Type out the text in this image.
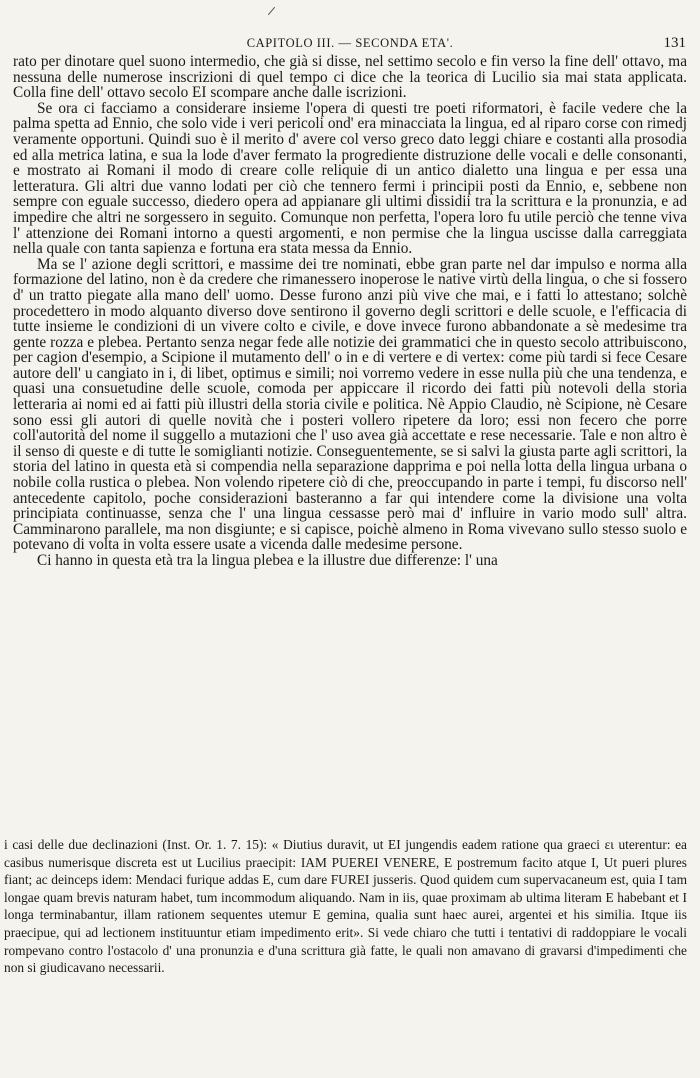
CAPITOLO III. — SECONDA ETA'.	131

rato per dinotare quel suono intermedio, che già si disse, nel settimo secolo e fin verso la fine dell' ottavo, ma nessuna delle numerose inscrizioni di quel tempo ci dice che la teorica di Lucilio sia mai stata applicata. Colla fine dell' ottavo secolo EI scompare anche dalle iscrizioni.

Se ora ci facciamo a considerare insieme l'opera di questi tre poeti riformatori, è facile vedere che la palma spetta ad Ennio, che solo vide i veri pericoli ond' era minacciata la lingua, ed al riparo corse con rimedj veramente opportuni. Quindi suo è il merito d' avere col verso greco dato leggi chiare e costanti alla prosodia ed alla metrica latina, e sua la lode d'aver fermato la progrediente distruzione delle vocali e delle consonanti, e mostrato ai Romani il modo di creare colle reliquie di un antico dialetto una lingua e per essa una letteratura. Gli altri due vanno lodati per ciò che tennero fermi i principii posti da Ennio, e, sebbene non sempre con eguale successo, diedero opera ad appianare gli ultimi dissidii tra la scrittura e la pronunzia, e ad impedire che altri ne sorgessero in seguito. Comunque non perfetta, l'opera loro fu utile perciò che tenne viva l' attenzione dei Romani intorno a questi argomenti, e non permise che la lingua uscisse dalla carreggiata nella quale con tanta sapienza e fortuna era stata messa da Ennio.

Ma se l' azione degli scrittori, e massime dei tre nominati, ebbe gran parte nel dar impulso e norma alla formazione del latino, non è da credere che rimanessero inoperose le native virtù della lingua, o che si fossero d' un tratto piegate alla mano dell' uomo. Desse furono anzi più vive che mai, e i fatti lo attestano; solchè procedettero in modo alquanto diverso dove sentirono il governo degli scrittori e delle scuole, e l'efficacia di tutte insieme le condizioni di un vivere colto e civile, e dove invece furono abbandonate a sè medesime tra gente rozza e plebea. Pertanto senza negar fede alle notizie dei grammatici che in questo secolo attribuiscono, per cagion d'esempio, a Scipione il mutamento dell' o in e di vertere e di vertex: come più tardi si fece Cesare autore dell' u cangiato in i, di libet, optimus e simili; noi vorremo vedere in esse nulla più che una tendenza, e quasi una consuetudine delle scuole, comoda per appiccare il ricordo dei fatti più notevoli della storia letteraria ai nomi ed ai fatti più illustri della storia civile e politica. Nè Appio Claudio, nè Scipione, nè Cesare sono essi gli autori di quelle novità che i posteri vollero ripetere da loro; essi non fecero che porre coll'autorità del nome il suggello a mutazioni che l' uso avea già accettate e rese necessarie. Tale e non altro è il senso di queste e di tutte le somiglianti notizie. Conseguentemente, se si salvi la giusta parte agli scrittori, la storia del latino in questa età si compendia nella separazione dapprima e poi nella lotta della lingua urbana o nobile colla rustica o plebea. Non volendo ripetere ciò di che, preoccupando in parte i tempi, fu discorso nell' antecedente capitolo, poche considerazioni basteranno a far qui intendere come la divisione una volta principiata continuasse, senza che l' una lingua cessasse però mai d' influire in vario modo sull' altra. Camminarono parallele, ma non disgiunte; e si capisce, poichè almeno in Roma vivevano sullo stesso suolo e potevano di volta in volta essere usate a vicenda dalle medesime persone.

Ci hanno in questa età tra la lingua plebea e la illustre due differenze: l' una

i casi delle due declinazioni (Inst. Or. 1. 7. 15): « Diutius duravit, ut EI jungendis eadem ratione qua graeci ει uterentur: ea casibus numerisque discreta est ut Lucilius praecipit: IAM PUEREI VENERE, E postremum facito atque I, Ut pueri plures fiant; ac deinceps idem: Mendaci furique addas E, cum dare FUREI jusseris. Quod quidem cum supervacaneum est, quia I tam longae quam brevis naturam habet, tum incommodum aliquando. Nam in iis, quae proximam ab ultima literam E habebant et I longa terminabantur, illam rationem sequentes utemur E gemina, qualia sunt haec aurei, argentei et his similia. Itque iis praecipue, qui ad lectionem instituuntur etiam impedimento erit». Si vede chiaro che tutti i tentativi di raddoppiare le vocali rompevano contro l'ostacolo d' una pronunzia e d'una scrittura già fatte, le quali non amavano di gravarsi d'impedimenti che non si giudicavano necessarii.
